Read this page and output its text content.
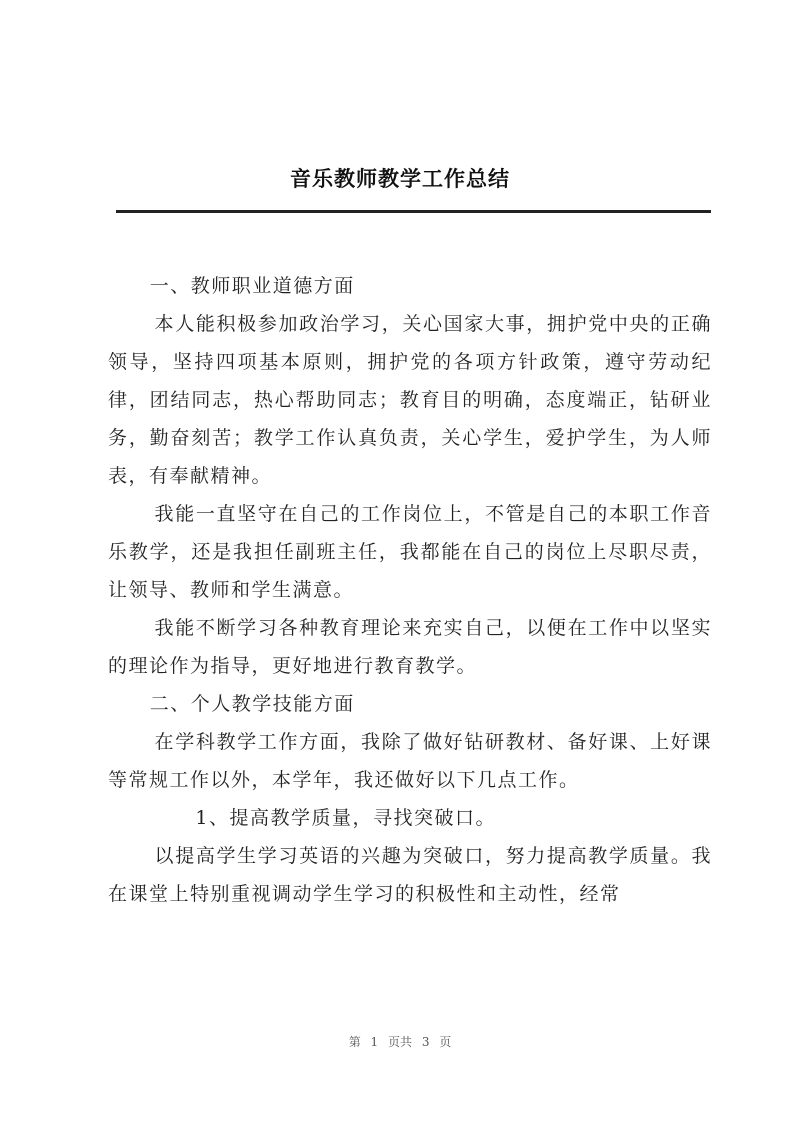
音乐教师教学工作总结

一、教师职业道德方面

本人能积极参加政治学习，关心国家大事，拥护党中央的正确领导，坚持四项基本原则，拥护党的各项方针政策，遵守劳动纪律，团结同志，热心帮助同志；教育目的明确，态度端正，钻研业务，勤奋刻苦；教学工作认真负责，关心学生，爱护学生，为人师表，有奉献精神。

我能一直坚守在自己的工作岗位上，不管是自己的本职工作音乐教学，还是我担任副班主任，我都能在自己的岗位上尽职尽责，让领导、教师和学生满意。

我能不断学习各种教育理论来充实自己，以便在工作中以坚实的理论作为指导，更好地进行教育教学。

二、个人教学技能方面

在学科教学工作方面，我除了做好钻研教材、备好课、上好课等常规工作以外，本学年，我还做好以下几点工作。

1、提高教学质量，寻找突破口。

以提高学生学习英语的兴趣为突破口，努力提高教学质量。我在课堂上特别重视调动学生学习的积极性和主动性，经常

第 1 页共 3 页
